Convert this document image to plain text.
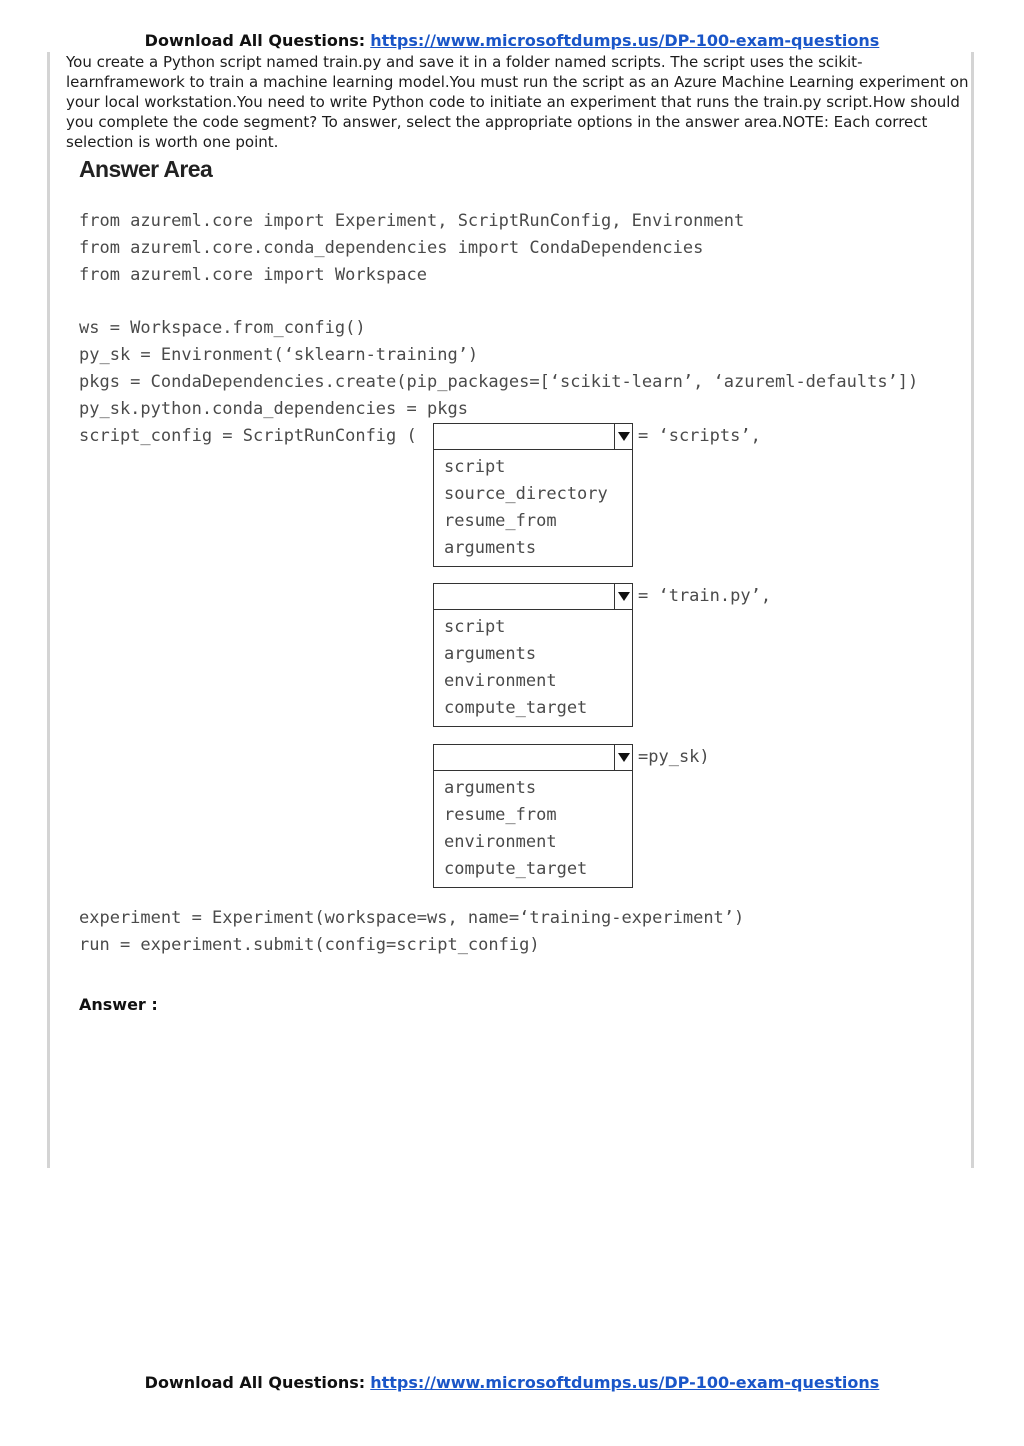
Download All Questions: https://www.microsoftdumps.us/DP-100-exam-questions
You create a Python script named train.py and save it in a folder named scripts. The script uses the scikit-learnframework to train a machine learning model.You must run the script as an Azure Machine Learning experiment on your local workstation.You need to write Python code to initiate an experiment that runs the train.py script.How should you complete the code segment? To answer, select the appropriate options in the answer area.NOTE: Each correct selection is worth one point.
Answer Area
from azureml.core import Experiment, ScriptRunConfig, Environment
from azureml.core.conda_dependencies import CondaDependencies
from azureml.core import Workspace
ws = Workspace.from_config()
py_sk = Environment(‘sklearn-training’)
pkgs = CondaDependencies.create(pip_packages=[‘scikit-learn’, ‘azureml-defaults’])
py_sk.python.conda_dependencies = pkgs
script_config = ScriptRunConfig (
script
source_directory
resume_from
arguments
= ‘scripts’,
script
arguments
environment
compute_target
= ‘train.py’,
arguments
resume_from
environment
compute_target
=py_sk)
experiment = Experiment(workspace=ws, name=‘training-experiment’)
run = experiment.submit(config=script_config)
Answer :
Download All Questions: https://www.microsoftdumps.us/DP-100-exam-questions
